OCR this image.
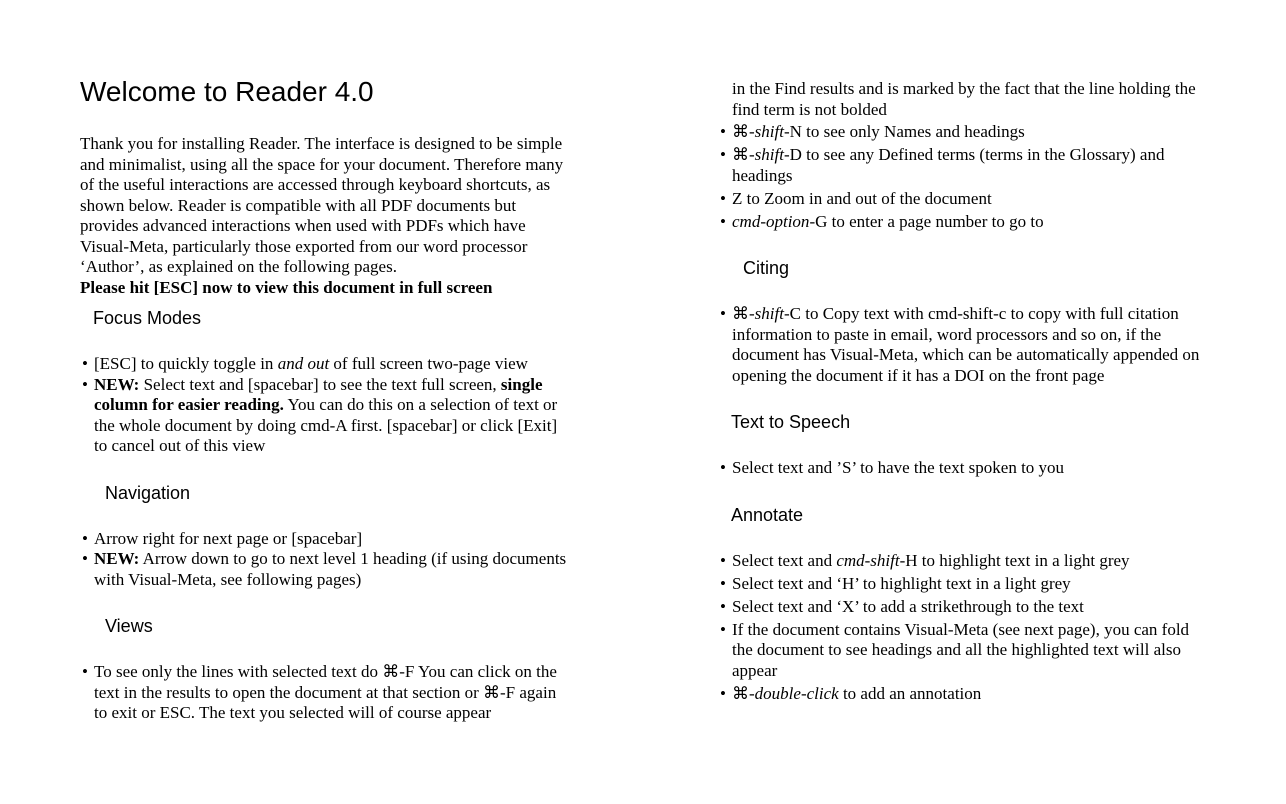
Welcome to Reader 4.0

Thank you for installing Reader. The interface is designed to be simple and minimalist, using all the space for your document. Therefore many of the useful interactions are accessed through keyboard shortcuts, as shown below. Reader is compatible with all PDF documents but provides advanced interactions when used with PDFs which have Visual-Meta, particularly those exported from our word processor ‘Author’, as explained on the following pages.

Please hit [ESC] now to view this document in full screen

Focus Modes
• [ESC] to quickly toggle in and out of full screen two-page view
• NEW: Select text and [spacebar] to see the text full screen, single column for easier reading. You can do this on a selection of text or the whole document by doing cmd-A first. [spacebar] or click [Exit] to cancel out of this view
Navigation
• Arrow right for next page or [spacebar]
• NEW: Arrow down to go to next level 1 heading (if using documents with Visual-Meta, see following pages)
Views
• To see only the lines with selected text do ⌘-F You can click on the text in the results to open the document at that section or ⌘-F again to exit or ESC. The text you selected will of course appear

in the Find results and is marked by the fact that the line holding the find term is not bolded

• ⌘-shift-N to see only Names and headings
• ⌘-shift-D to see any Defined terms (terms in the Glossary) and headings
• Z to Zoom in and out of the document
• cmd-option-G to enter a page number to go to
Citing
• ⌘-shift-C to Copy text with cmd-shift-c to copy with full citation information to paste in email, word processors and so on, if the document has Visual-Meta, which can be automatically appended on opening the document if it has a DOI on the front page
Text to Speech
• Select text and ’S’ to have the text spoken to you
Annotate
• Select text and cmd-shift-H to highlight text in a light grey
• Select text and ‘H’ to highlight text in a light grey
• Select text and ‘X’ to add a strikethrough to the text
• If the document contains Visual-Meta (see next page), you can fold the document to see headings and all the highlighted text will also appear
• ⌘-double-click to add an annotation
